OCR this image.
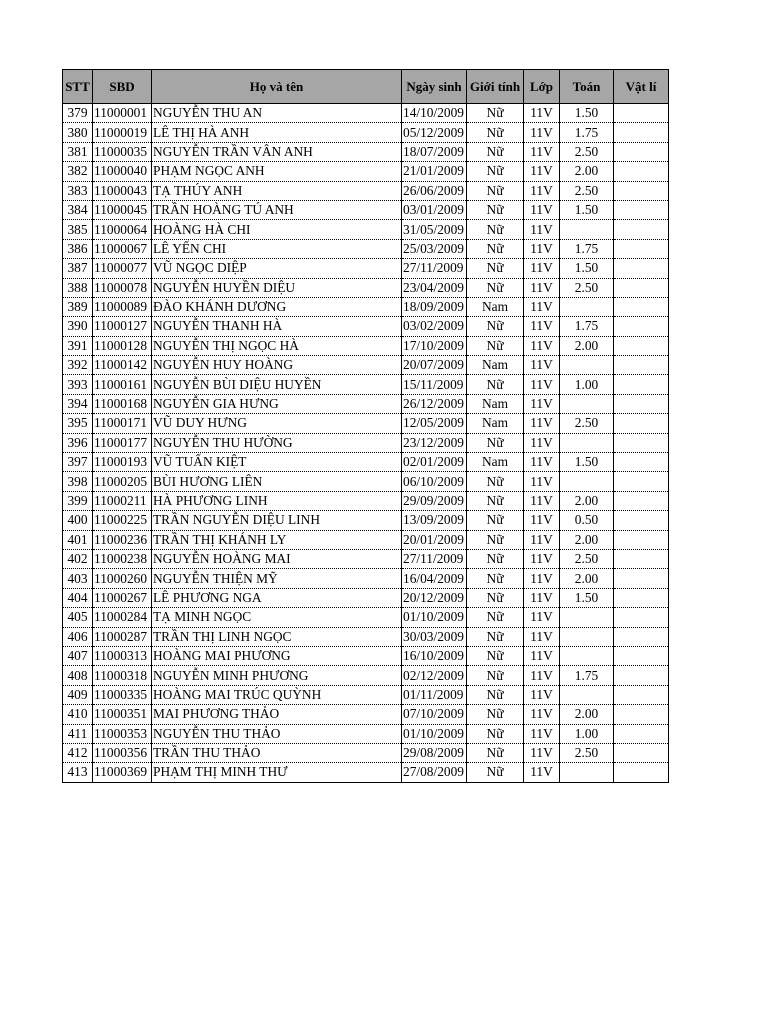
STT	SBD	Họ và tên	Ngày sinh	Giới tính	Lớp	Toán	Vật lí
379	11000001	NGUYỄN THU AN	14/10/2009	Nữ	11V	1.50	
380	11000019	LÊ THỊ HÀ ANH	05/12/2009	Nữ	11V	1.75	
381	11000035	NGUYỄN TRẦN VÂN ANH	18/07/2009	Nữ	11V	2.50	
382	11000040	PHẠM NGỌC ANH	21/01/2009	Nữ	11V	2.00	
383	11000043	TẠ THÚY ANH	26/06/2009	Nữ	11V	2.50	
384	11000045	TRẦN HOÀNG TÚ ANH	03/01/2009	Nữ	11V	1.50	
385	11000064	HOÀNG HÀ CHI	31/05/2009	Nữ	11V		
386	11000067	LÊ YẾN CHI	25/03/2009	Nữ	11V	1.75	
387	11000077	VŨ NGỌC DIỆP	27/11/2009	Nữ	11V	1.50	
388	11000078	NGUYỄN HUYỀN DIỆU	23/04/2009	Nữ	11V	2.50	
389	11000089	ĐÀO KHÁNH DƯƠNG	18/09/2009	Nam	11V		
390	11000127	NGUYỄN THANH HÀ	03/02/2009	Nữ	11V	1.75	
391	11000128	NGUYỄN THỊ NGỌC HÀ	17/10/2009	Nữ	11V	2.00	
392	11000142	NGUYỄN HUY HOÀNG	20/07/2009	Nam	11V		
393	11000161	NGUYỄN BÙI DIỆU HUYỀN	15/11/2009	Nữ	11V	1.00	
394	11000168	NGUYỄN GIA HƯNG	26/12/2009	Nam	11V		
395	11000171	VŨ DUY HƯNG	12/05/2009	Nam	11V	2.50	
396	11000177	NGUYỄN THU HƯỜNG	23/12/2009	Nữ	11V		
397	11000193	VŨ TUẤN KIỆT	02/01/2009	Nam	11V	1.50	
398	11000205	BÙI HƯƠNG LIÊN	06/10/2009	Nữ	11V		
399	11000211	HÀ PHƯƠNG LINH	29/09/2009	Nữ	11V	2.00	
400	11000225	TRẦN NGUYỄN DIỆU LINH	13/09/2009	Nữ	11V	0.50	
401	11000236	TRẦN THỊ KHÁNH LY	20/01/2009	Nữ	11V	2.00	
402	11000238	NGUYỄN HOÀNG MAI	27/11/2009	Nữ	11V	2.50	
403	11000260	NGUYỄN THIỆN MỸ	16/04/2009	Nữ	11V	2.00	
404	11000267	LÊ PHƯƠNG NGA	20/12/2009	Nữ	11V	1.50	
405	11000284	TẠ MINH NGỌC	01/10/2009	Nữ	11V		
406	11000287	TRẦN THỊ LINH NGỌC	30/03/2009	Nữ	11V		
407	11000313	HOÀNG MAI PHƯƠNG	16/10/2009	Nữ	11V		
408	11000318	NGUYỄN MINH PHƯƠNG	02/12/2009	Nữ	11V	1.75	
409	11000335	HOÀNG MAI TRÚC QUỲNH	01/11/2009	Nữ	11V		
410	11000351	MAI PHƯƠNG THẢO	07/10/2009	Nữ	11V	2.00	
411	11000353	NGUYỄN THU THẢO	01/10/2009	Nữ	11V	1.00	
412	11000356	TRẦN THU THẢO	29/08/2009	Nữ	11V	2.50	
413	11000369	PHẠM THỊ MINH THƯ	27/08/2009	Nữ	11V		
